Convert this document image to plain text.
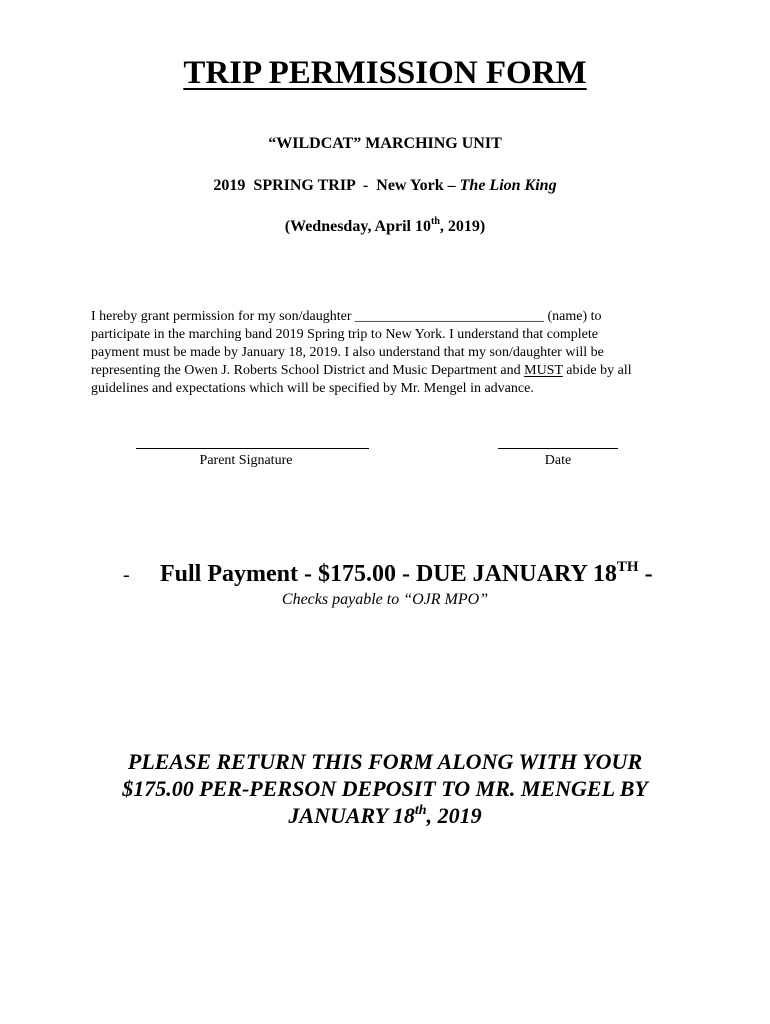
TRIP PERMISSION FORM
“WILDCAT” MARCHING UNIT
2019  SPRING TRIP  -  New York – The Lion King
(Wednesday, April 10th, 2019)
I hereby grant permission for my son/daughter ___________________________ (name) to
participate in the marching band 2019 Spring trip to New York. I understand that complete
payment must be made by January 18, 2019. I also understand that my son/daughter will be
representing the Owen J. Roberts School District and Music Department and MUST abide by all
guidelines and expectations which will be specified by Mr. Mengel in advance.
Parent Signature	Date
- Full Payment - $175.00 - DUE JANUARY 18TH -
Checks payable to “OJR MPO”
PLEASE RETURN THIS FORM ALONG WITH YOUR
$175.00 PER-PERSON DEPOSIT TO MR. MENGEL BY
JANUARY 18th, 2019
